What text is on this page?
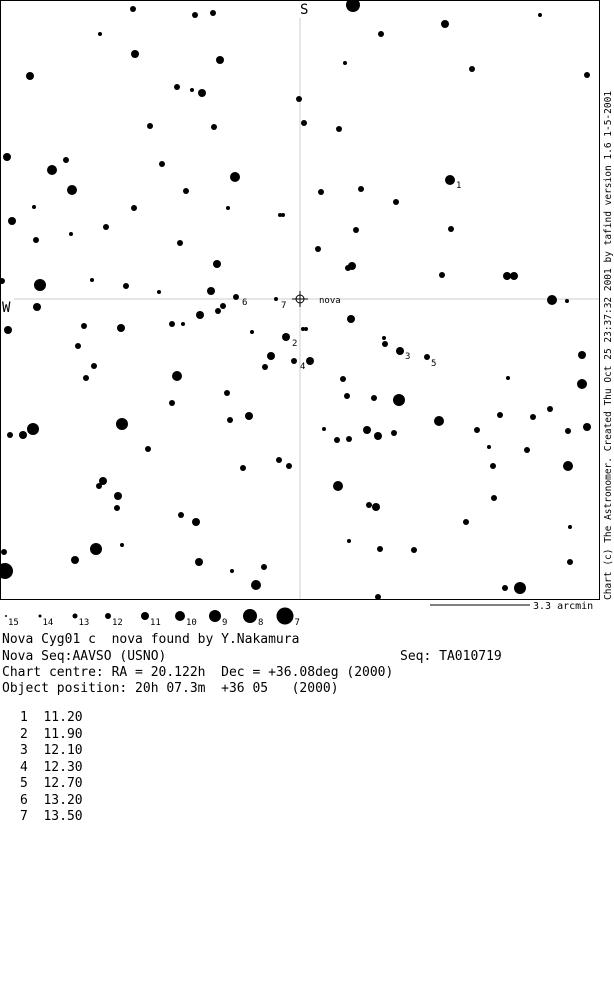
nova
S
W
1
2
3
4	5
6	7
3.3 arcmin
15	14	13	12	11	10	9	8	7
Chart (c) The Astronomer. Created Thu Oct 25 23:37:32 2001 by tafind version 1.6 1-5-2001
Nova Cyg01 c  nova found by Y.Nakamura
Nova Seq:AAVSO (USNO)	Seq: TA010719
Chart centre: RA = 20.122h  Dec = +36.08deg (2000)
Object position: 20h 07.3m  +36 05   (2000)
1 11.20
2 11.90
3 12.10
4 12.30
5 12.70
6 13.20
7 13.50
